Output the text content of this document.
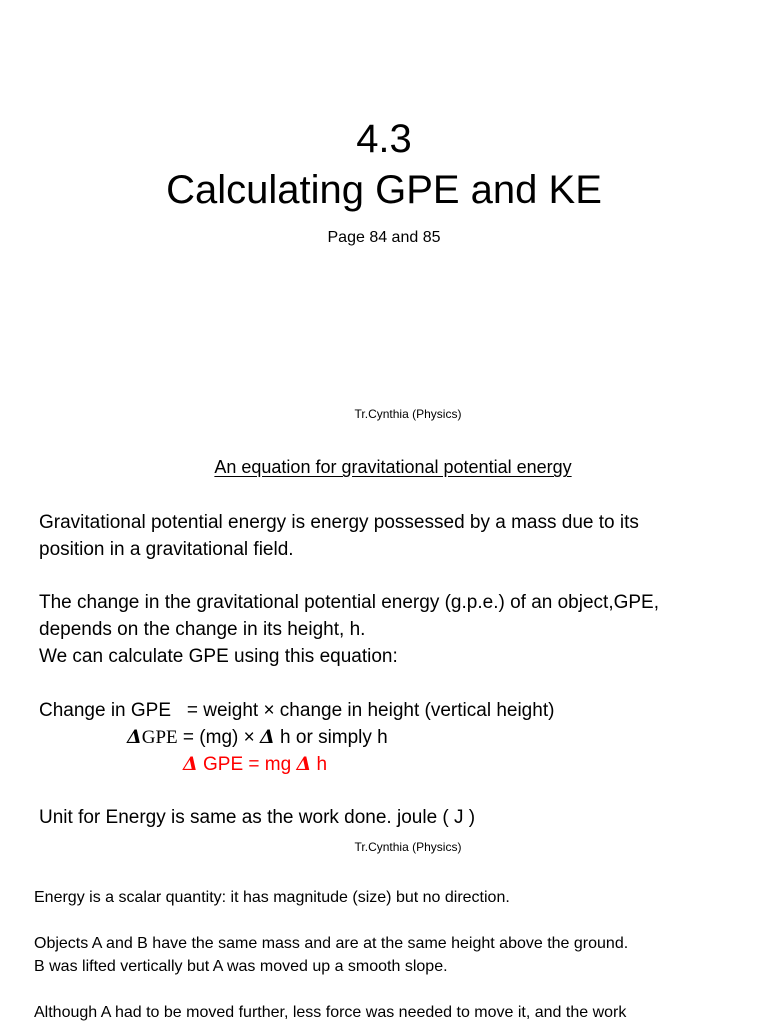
4.3
Calculating GPE and KE
Page 84 and 85
Tr.Cynthia (Physics)
An equation for gravitational potential energy
Gravitational potential energy is energy possessed by a mass due to its
position in a gravitational field.
The change in the gravitational potential energy (g.p.e.) of an object,GPE,
depends on the change in its height, h.
We can calculate GPE using this equation:
Change in GPE   = weight × change in height (vertical height)
ΔGPE = (mg) × Δ h or simply h
Δ GPE = mg Δ h
Unit for Energy is same as the work done. joule ( J )
Tr.Cynthia (Physics)
Energy is a scalar quantity: it has magnitude (size) but no direction.
Objects A and B have the same mass and are at the same height above the ground.
B was lifted vertically but A was moved up a smooth slope.
Although A had to be moved further, less force was needed to move it, and the work
